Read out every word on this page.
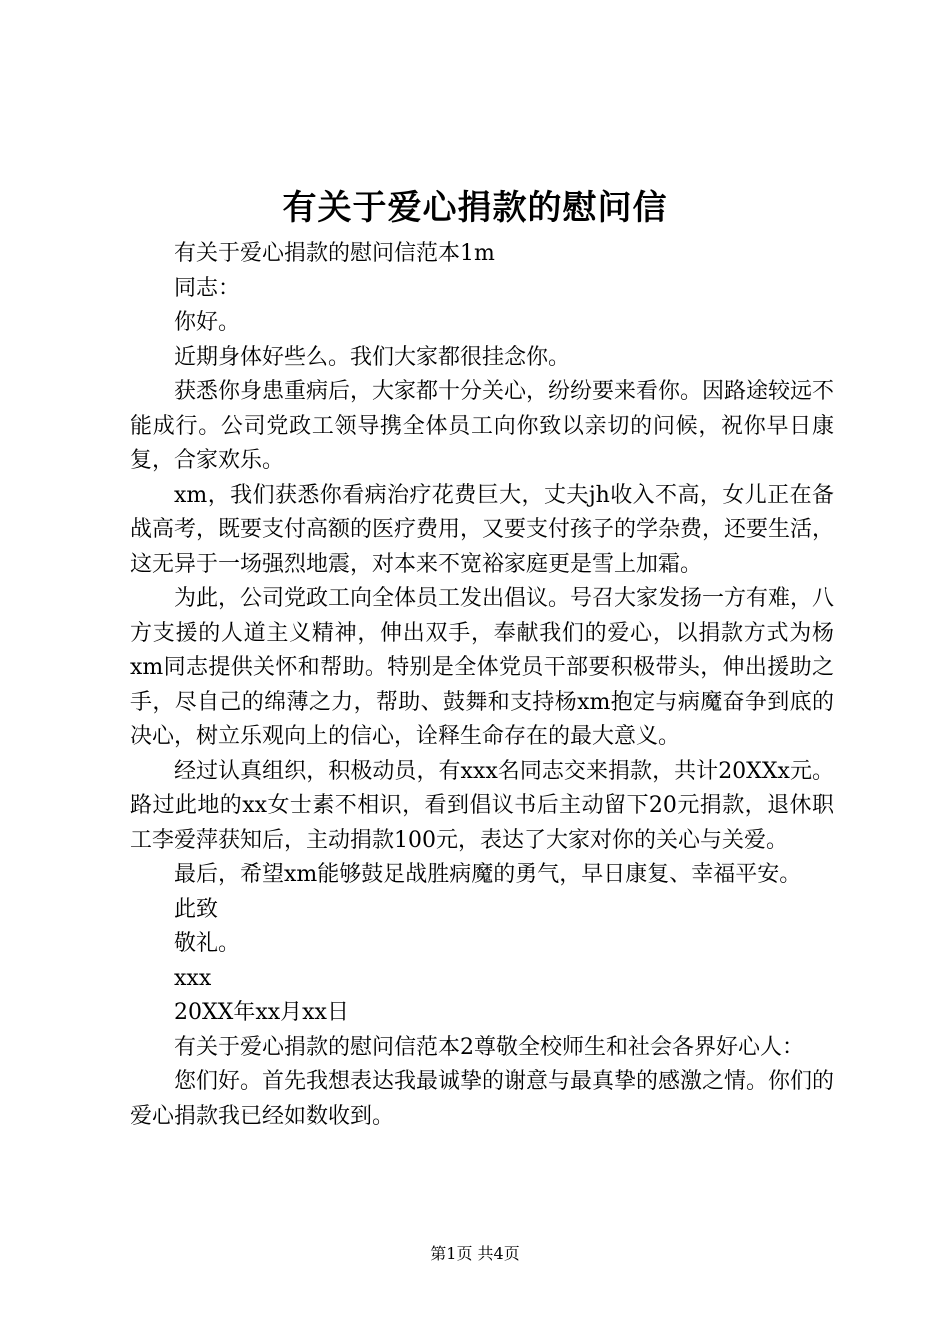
有关于爱心捐款的慰问信

有关于爱心捐款的慰问信范本1m

同志：

你好。

近期身体好些么。我们大家都很挂念你。

获悉你身患重病后，大家都十分关心，纷纷要来看你。因路途较远不能成行。公司党政工领导携全体员工向你致以亲切的问候，祝你早日康复，合家欢乐。

xm，我们获悉你看病治疗花费巨大，丈夫jh收入不高，女儿正在备战高考，既要支付高额的医疗费用，又要支付孩子的学杂费，还要生活，这无异于一场强烈地震，对本来不宽裕家庭更是雪上加霜。

为此，公司党政工向全体员工发出倡议。号召大家发扬一方有难，八方支援的人道主义精神，伸出双手，奉献我们的爱心，以捐款方式为杨xm同志提供关怀和帮助。特别是全体党员干部要积极带头，伸出援助之手，尽自己的绵薄之力，帮助、鼓舞和支持杨xm抱定与病魔奋争到底的决心，树立乐观向上的信心，诠释生命存在的最大意义。

经过认真组织，积极动员，有xxx名同志交来捐款，共计20XXx元。路过此地的xx女士素不相识，看到倡议书后主动留下20元捐款，退休职工李爱萍获知后，主动捐款100元，表达了大家对你的关心与关爱。

最后，希望xm能够鼓足战胜病魔的勇气，早日康复、幸福平安。

此致

敬礼。

xxx

20XX年xx月xx日

有关于爱心捐款的慰问信范本2尊敬全校师生和社会各界好心人：

您们好。首先我想表达我最诚挚的谢意与最真挚的感激之情。你们的爱心捐款我已经如数收到。

第1页 共4页
